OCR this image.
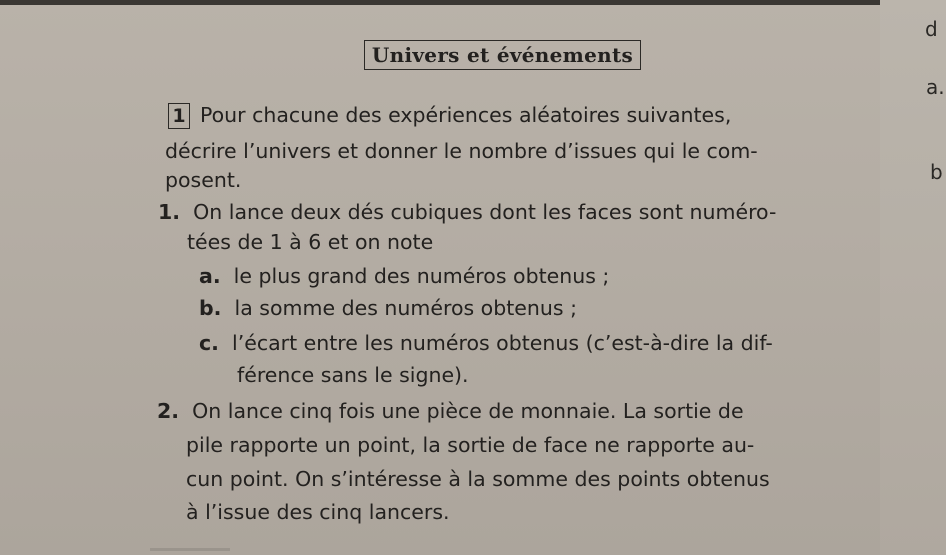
Univers et événements
1 Pour chacune des expériences aléatoires suivantes,
décrire l’univers et donner le nombre d’issues qui le com-
posent.
1. On lance deux dés cubiques dont les faces sont numéro-
tées de 1 à 6 et on note
a. le plus grand des numéros obtenus ;
b. la somme des numéros obtenus ;
c. l’écart entre les numéros obtenus (c’est-à-dire la dif-
férence sans le signe).
2. On lance cinq fois une pièce de monnaie. La sortie de
pile rapporte un point, la sortie de face ne rapporte au-
cun point. On s’intéresse à la somme des points obtenus
à l’issue des cinq lancers.
d
a.
b
